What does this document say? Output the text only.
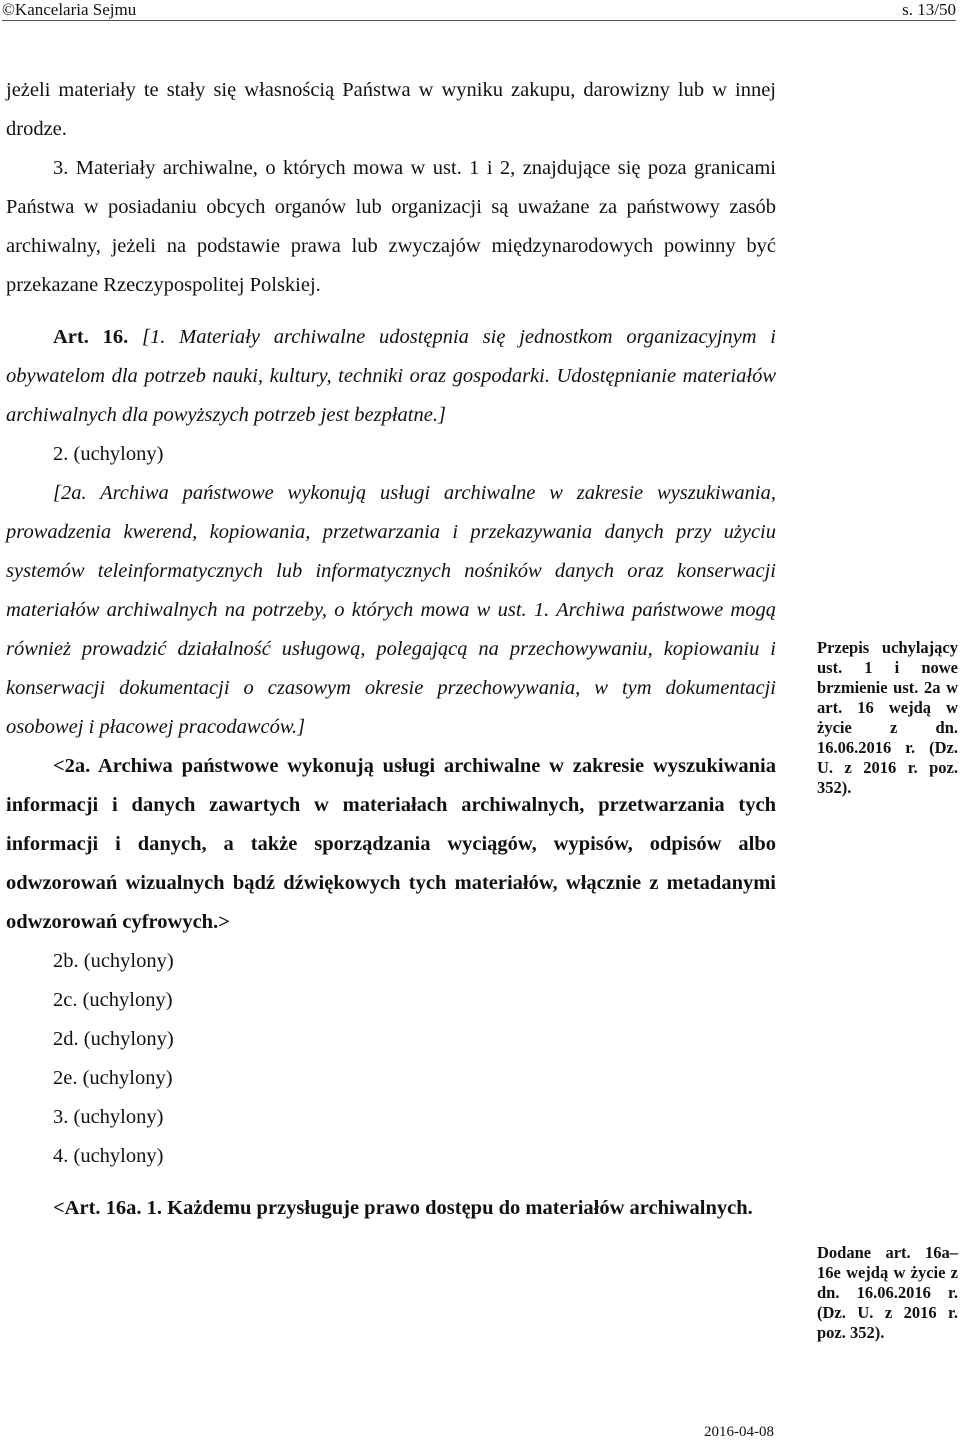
©Kancelaria Sejmu	s. 13/50

jeżeli materiały te stały się własnością Państwa w wyniku zakupu, darowizny lub w innej drodze.

3. Materiały archiwalne, o których mowa w ust. 1 i 2, znajdujące się poza granicami Państwa w posiadaniu obcych organów lub organizacji są uważane za państwowy zasób archiwalny, jeżeli na podstawie prawa lub zwyczajów międzynarodowych powinny być przekazane Rzeczypospolitej Polskiej.

Art. 16. [1. Materiały archiwalne udostępnia się jednostkom organizacyjnym i obywatelom dla potrzeb nauki, kultury, techniki oraz gospodarki. Udostępnianie materiałów archiwalnych dla powyższych potrzeb jest bezpłatne.]

2. (uchylony)

[2a. Archiwa państwowe wykonują usługi archiwalne w zakresie wyszukiwania, prowadzenia kwerend, kopiowania, przetwarzania i przekazywania danych przy użyciu systemów teleinformatycznych lub informatycznych nośników danych oraz konserwacji materiałów archiwalnych na potrzeby, o których mowa w ust. 1. Archiwa państwowe mogą również prowadzić działalność usługową, polegającą na przechowywaniu, kopiowaniu i konserwacji dokumentacji o czasowym okresie przechowywania, w tym dokumentacji osobowej i płacowej pracodawców.]

<2a. Archiwa państwowe wykonują usługi archiwalne w zakresie wyszukiwania informacji i danych zawartych w materiałach archiwalnych, przetwarzania tych informacji i danych, a także sporządzania wyciągów, wypisów, odpisów albo odwzorowań wizualnych bądź dźwiękowych tych materiałów, włącznie z metadanymi odwzorowań cyfrowych.>

2b. (uchylony)

2c. (uchylony)

2d. (uchylony)

2e. (uchylony)

3. (uchylony)

4. (uchylony)

<Art. 16a. 1. Każdemu przysługuje prawo dostępu do materiałów archiwalnych.

Przepis uchylający ust. 1 i nowe brzmienie ust. 2a w art. 16 wejdą w życie z dn. 16.06.2016 r. (Dz. U. z 2016 r. poz. 352).
Dodane art. 16a–16e wejdą w życie z dn. 16.06.2016 r. (Dz. U. z 2016 r. poz. 352).
2016-04-08
